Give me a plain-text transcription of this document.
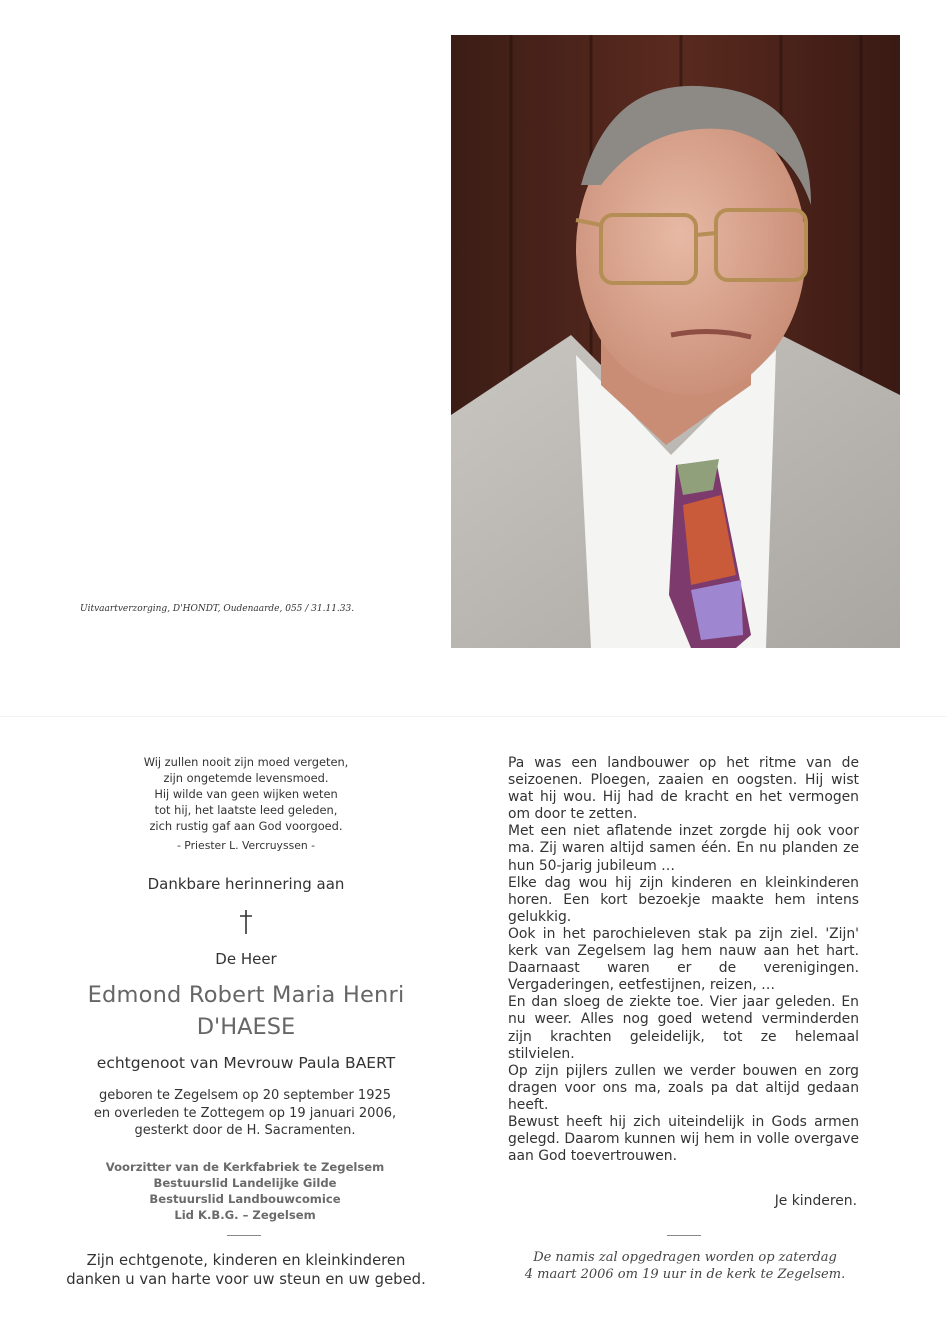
Uitvaartverzorging, D'HONDT, Oudenaarde, 055 / 31.11.33.
Wij zullen nooit zijn moed vergeten,
zijn ongetemde levensmoed.
Hij wilde van geen wijken weten
tot hij, het laatste leed geleden,
zich rustig gaf aan God voorgoed.
- Priester L. Vercruyssen -
Dankbare herinnering aan
De Heer
Edmond Robert Maria Henri
D'HAESE
echtgenoot van Mevrouw Paula BAERT
geboren te Zegelsem op 20 september 1925
en overleden te Zottegem op 19 januari 2006,
gesterkt door de H. Sacramenten.
Voorzitter van de Kerkfabriek te Zegelsem
Bestuurslid Landelijke Gilde
Bestuurslid Landbouwcomice
Lid K.B.G. – Zegelsem
Zijn echtgenote, kinderen en kleinkinderen
danken u van harte voor uw steun en uw gebed.

Pa was een landbouwer op het ritme van de seizoenen. Ploegen, zaaien en oogsten. Hij wist wat hij wou. Hij had de kracht en het vermogen om door te zetten.

Met een niet aflatende inzet zorgde hij ook voor ma. Zij waren altijd samen één. En nu planden ze hun 50-jarig jubileum …

Elke dag wou hij zijn kinderen en kleinkinderen horen. Een kort bezoekje maakte hem intens gelukkig.

Ook in het parochieleven stak pa zijn ziel. 'Zijn' kerk van Zegelsem lag hem nauw aan het hart. Daarnaast waren er de verenigingen. Vergaderingen, eetfestijnen, reizen, …

En dan sloeg de ziekte toe. Vier jaar geleden. En nu weer. Alles nog goed wetend verminderden zijn krachten geleidelijk, tot ze helemaal stilvielen.

Op zijn pijlers zullen we verder bouwen en zorg dragen voor ons ma, zoals pa dat altijd gedaan heeft.

Bewust heeft hij zich uiteindelijk in Gods armen gelegd. Daarom kunnen wij hem in volle overgave aan God toevertrouwen.

Je kinderen.
De namis zal opgedragen worden op zaterdag
4 maart 2006 om 19 uur in de kerk te Zegelsem.
